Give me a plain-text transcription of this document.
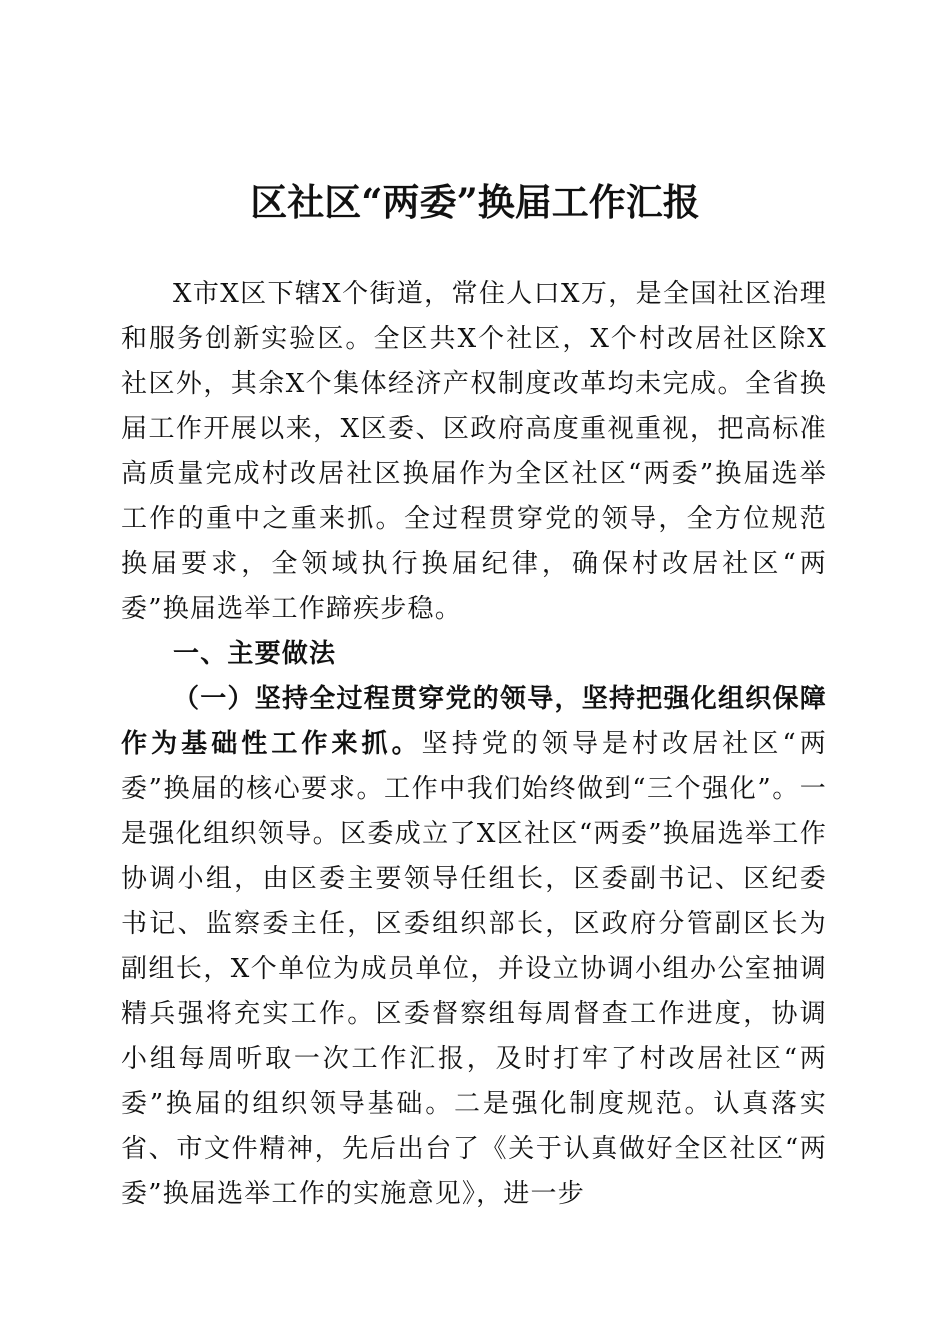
区社区“两委”换届工作汇报

X市X区下辖X个街道，常住人口X万，是全国社区治理和服务创新实验区。全区共X个社区，X个村改居社区除X社区外，其余X个集体经济产权制度改革均未完成。全省换届工作开展以来，X区委、区政府高度重视重视，把高标准高质量完成村改居社区换届作为全区社区“两委”换届选举工作的重中之重来抓。全过程贯穿党的领导，全方位规范换届要求，全领域执行换届纪律，确保村改居社区“两委”换届选举工作蹄疾步稳。

一、主要做法

（一）坚持全过程贯穿党的领导，坚持把强化组织保障作为基础性工作来抓。坚持党的领导是村改居社区“两委”换届的核心要求。工作中我们始终做到“三个强化”。一是强化组织领导。区委成立了X区社区“两委”换届选举工作协调小组，由区委主要领导任组长，区委副书记、区纪委书记、监察委主任，区委组织部长，区政府分管副区长为副组长，X个单位为成员单位，并设立协调小组办公室抽调精兵强将充实工作。区委督察组每周督查工作进度，协调小组每周听取一次工作汇报，及时打牢了村改居社区“两委”换届的组织领导基础。二是强化制度规范。认真落实省、市文件精神，先后出台了《关于认真做好全区社区“两委”换届选举工作的实施意见》，进一步
